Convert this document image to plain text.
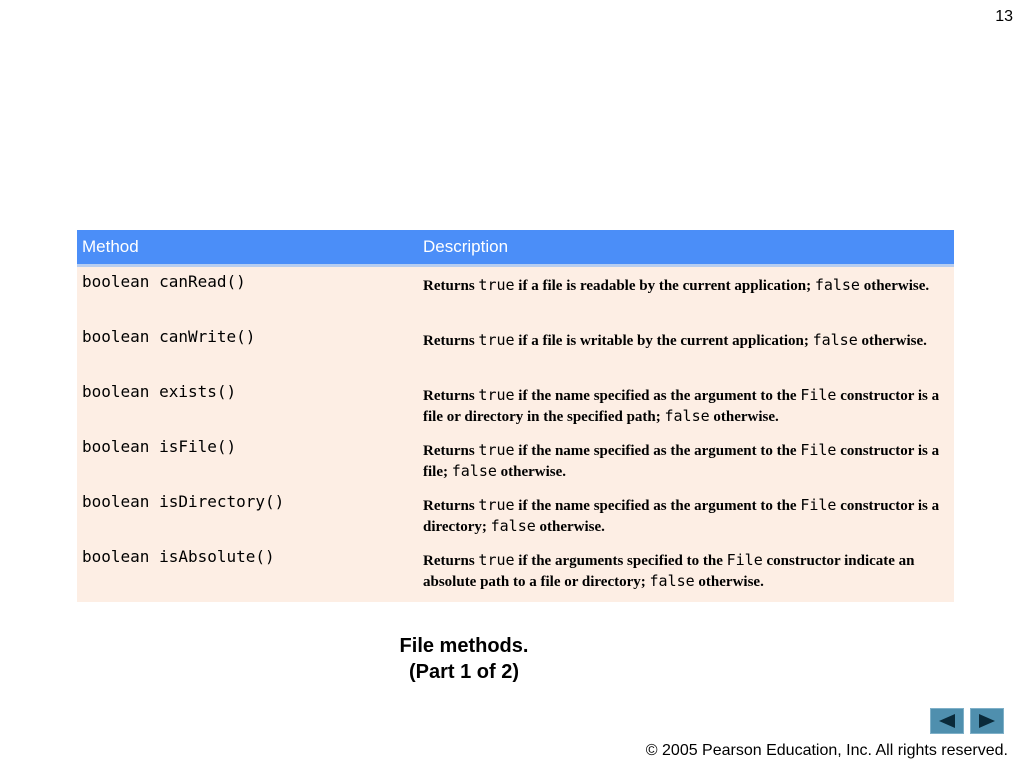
13
Method	Description
boolean canRead()	Returns true if a file is readable by the current application; false otherwise.
boolean canWrite()	Returns true if a file is writable by the current application; false otherwise.
boolean exists()	Returns true if the name specified as the argument to the File constructor is a file or directory in the specified path; false otherwise.
boolean isFile()	Returns true if the name specified as the argument to the File constructor is a file; false otherwise.
boolean isDirectory()	Returns true if the name specified as the argument to the File constructor is a directory; false otherwise.
boolean isAbsolute()	Returns true if the arguments specified to the File constructor indicate an absolute path to a file or directory; false otherwise.
File methods.
(Part 1 of 2)
© 2005 Pearson Education, Inc. All rights reserved.
